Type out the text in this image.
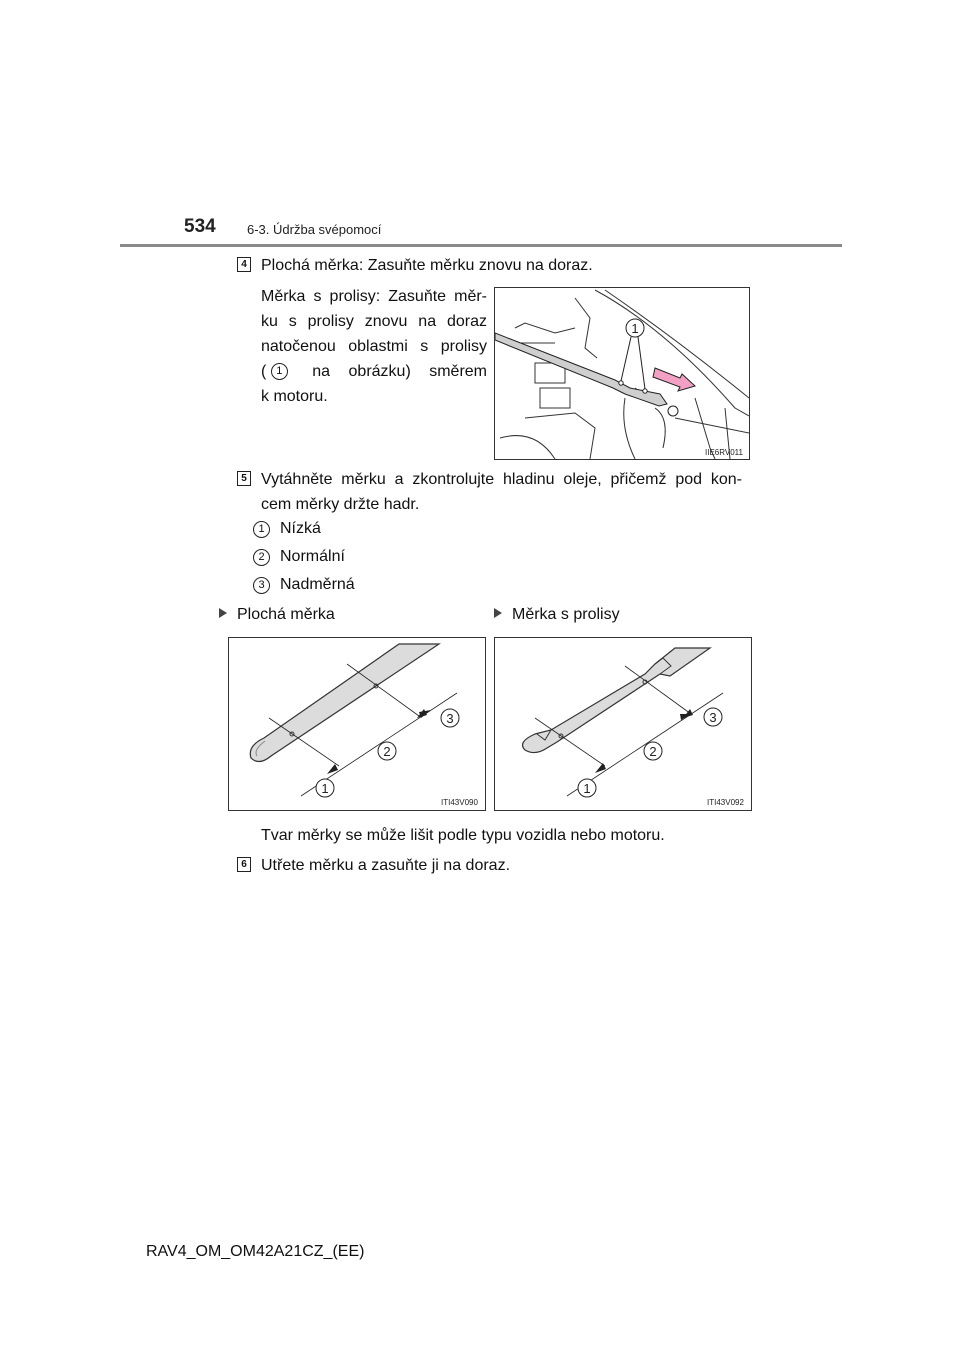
534 6-3. Údržba svépomocí
4 Plochá měrka: Zasuňte měrku znovu na doraz.
Měrka s prolisy: Zasuňte měr-
ku s prolisy znovu na doraz
natočenou oblastmi s prolisy
( 1	na obrázku) směrem
k motoru.
1
IIE6RV011
5 Vytáhněte měrku a zkontrolujte hladinu oleje, přičemž pod kon-
cem měrky držte hadr.
1 Nízká
2 Normální
3 Nadměrná
Plochá měrka	Měrka s prolisy
1
2
3
ITI43V090
1
2
3
ITI43V092
Tvar měrky se může lišit podle typu vozidla nebo motoru.
6 Utřete měrku a zasuňte ji na doraz.
RAV4_OM_OM42A21CZ_(EE)
